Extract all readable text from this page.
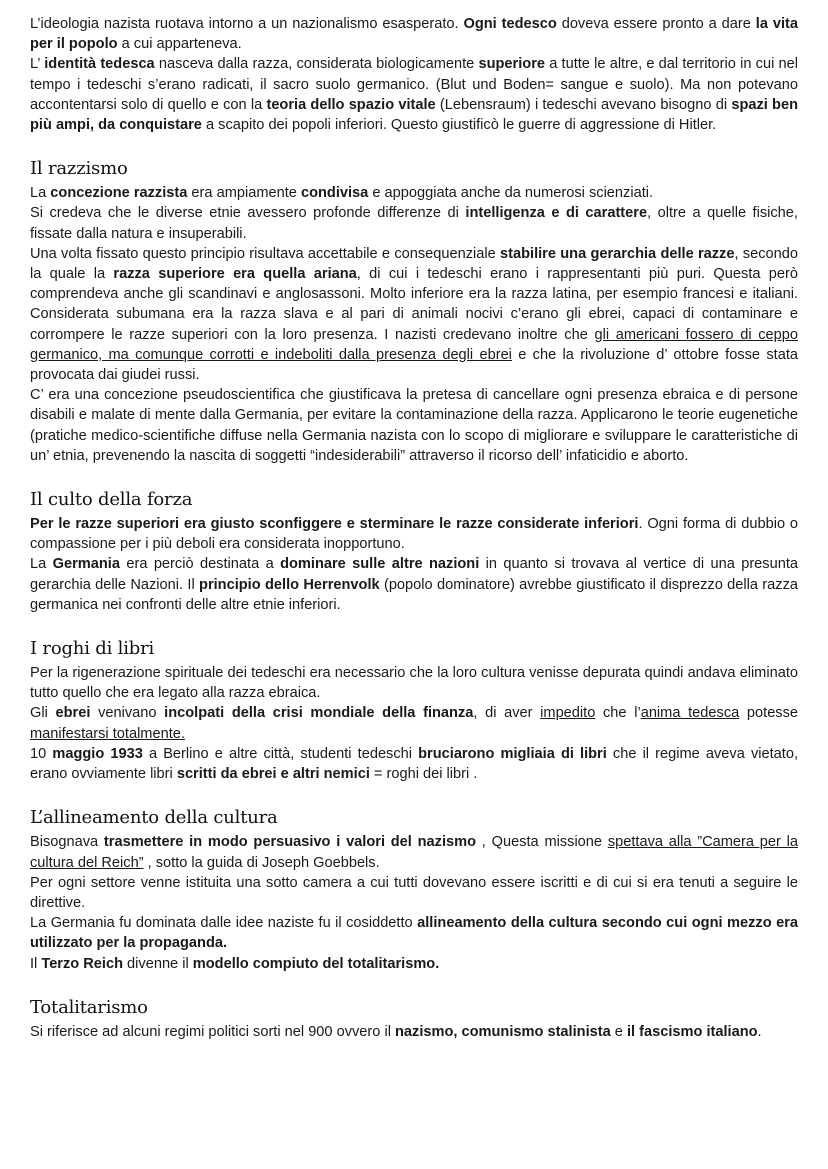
L’ideologia nazista ruotava intorno a un nazionalismo esasperato. Ogni tedesco doveva essere pronto a dare la vita per il popolo a cui apparteneva.

L’ identità tedesca nasceva dalla razza, considerata biologicamente superiore a tutte le altre, e dal territorio in cui nel tempo i tedeschi s’erano radicati, il sacro suolo germanico. (Blut und Boden= sangue e suolo). Ma non potevano accontentarsi solo di quello e con la teoria dello spazio vitale (Lebensraum) i tedeschi avevano bisogno di spazi ben più ampi, da conquistare a scapito dei popoli inferiori. Questo giustificò le guerre di aggressione di Hitler.

Il razzismo

La concezione razzista era ampiamente condivisa e appoggiata anche da numerosi scienziati.

Si credeva che le diverse etnie avessero profonde differenze di intelligenza e di carattere, oltre a quelle fisiche, fissate dalla natura e insuperabili.

Una volta fissato questo principio risultava accettabile e consequenziale stabilire una gerarchia delle razze, secondo la quale la razza superiore era quella ariana, di cui i tedeschi erano i rappresentanti più puri. Questa però comprendeva anche gli scandinavi e anglosassoni. Molto inferiore era la razza latina, per esempio francesi e italiani. Considerata subumana era la razza slava e al pari di animali nocivi c’erano gli ebrei, capaci di contaminare e corrompere le razze superiori con la loro presenza. I nazisti credevano inoltre che gli americani fossero di ceppo germanico, ma comunque corrotti e indeboliti dalla presenza degli ebrei e che la rivoluzione d’ ottobre fosse stata provocata dai giudei russi.

C’ era una concezione pseudoscientifica che giustificava la pretesa di cancellare ogni presenza ebraica e di persone disabili e malate di mente dalla Germania, per evitare la contaminazione della razza. Applicarono le teorie eugenetiche (pratiche medico-scientifiche diffuse nella Germania nazista con lo scopo di migliorare e sviluppare le caratteristiche di un’ etnia, prevenendo la nascita di soggetti “indesiderabili” attraverso il ricorso dell’ infaticidio e aborto.

Il culto della forza

Per le razze superiori era giusto sconfiggere e sterminare le razze considerate inferiori. Ogni forma di dubbio o compassione per i più deboli era considerata inopportuno.

La Germania era perciò destinata a dominare sulle altre nazioni in quanto si trovava al vertice di una presunta gerarchia delle Nazioni. Il principio dello Herrenvolk (popolo dominatore) avrebbe giustificato il disprezzo della razza germanica nei confronti delle altre etnie inferiori.

I roghi di libri

Per la rigenerazione spirituale dei tedeschi era necessario che la loro cultura venisse depurata quindi andava eliminato tutto quello che era legato alla razza ebraica.

Gli ebrei venivano incolpati della crisi mondiale della finanza, di aver impedito che l’anima tedesca potesse manifestarsi totalmente.

10 maggio 1933 a Berlino e altre città, studenti tedeschi bruciarono migliaia di libri che il regime aveva vietato, erano ovviamente libri scritti da ebrei e altri nemici = roghi dei libri .

L’allineamento della cultura

Bisognava trasmettere in modo persuasivo i valori del nazismo , Questa missione spettava alla ”Camera per la cultura del Reich” , sotto la guida di Joseph Goebbels.

Per ogni settore venne istituita una sotto camera a cui tutti dovevano essere iscritti e di cui si era tenuti a seguire le direttive.

La Germania fu dominata dalle idee naziste fu il cosiddetto allineamento della cultura secondo cui ogni mezzo era utilizzato per la propaganda.

Il Terzo Reich divenne il modello compiuto del totalitarismo.

Totalitarismo

Si riferisce ad alcuni regimi politici sorti nel 900 ovvero il nazismo, comunismo stalinista e il fascismo italiano.
